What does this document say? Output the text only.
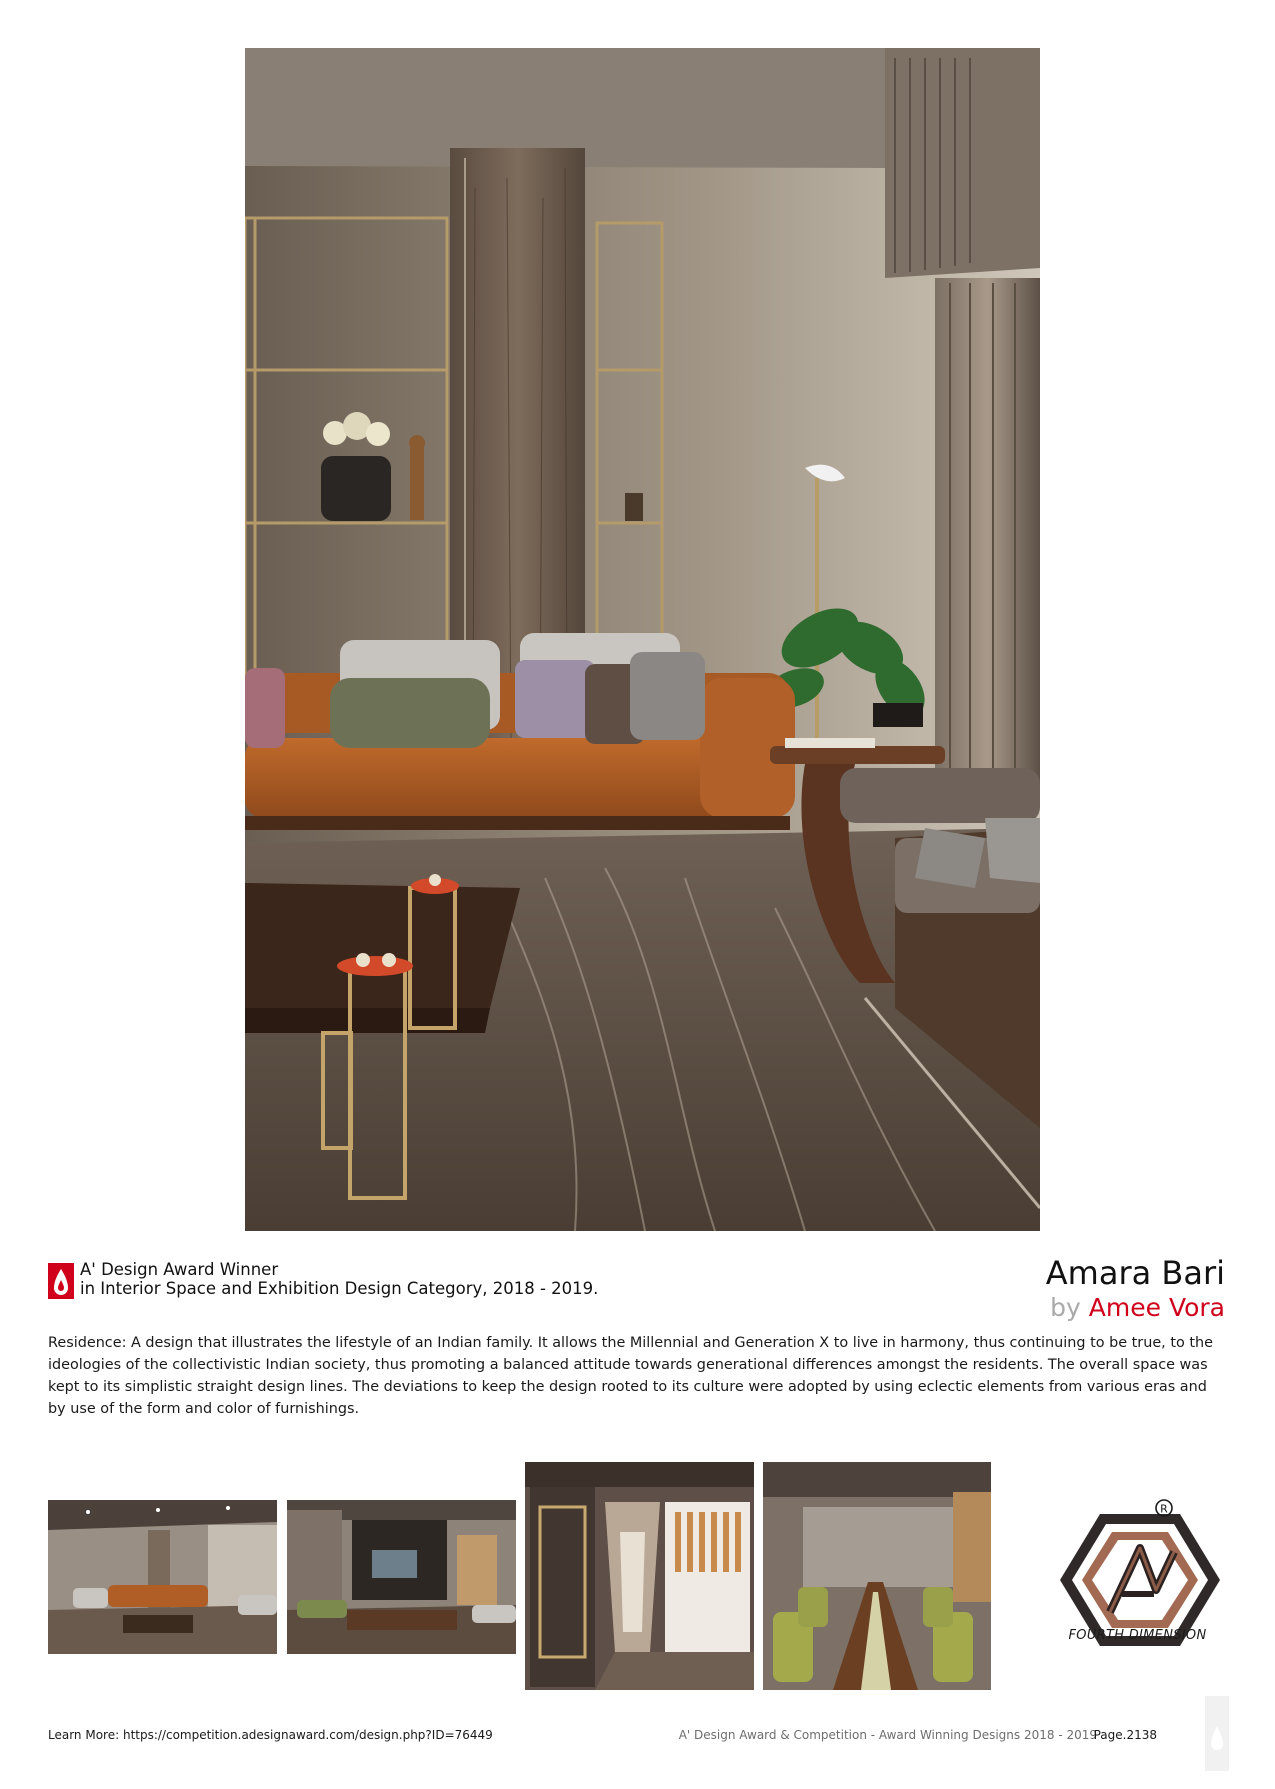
A' Design Award Winner
in Interior Space and Exhibition Design Category, 2018 - 2019.	Amara Bari
by Amee Vora
Residence: A design that illustrates the lifestyle of an Indian family. It allows the Millennial and Generation X to live in harmony, thus continuing to be true, to the ideologies of the collectivistic Indian society, thus promoting a balanced attitude towards generational differences amongst the residents. The overall space was kept to its simplistic straight design lines. The deviations to keep the design rooted to its culture were adopted by using eclectic elements from various eras and by use of the form and color of furnishings.
R
FOURTH DIMENSION
Learn More: https://competition.adesignaward.com/design.php?ID=76449	A' Design Award & Competition - Award Winning Designs 2018 - 2019
Page.2138
